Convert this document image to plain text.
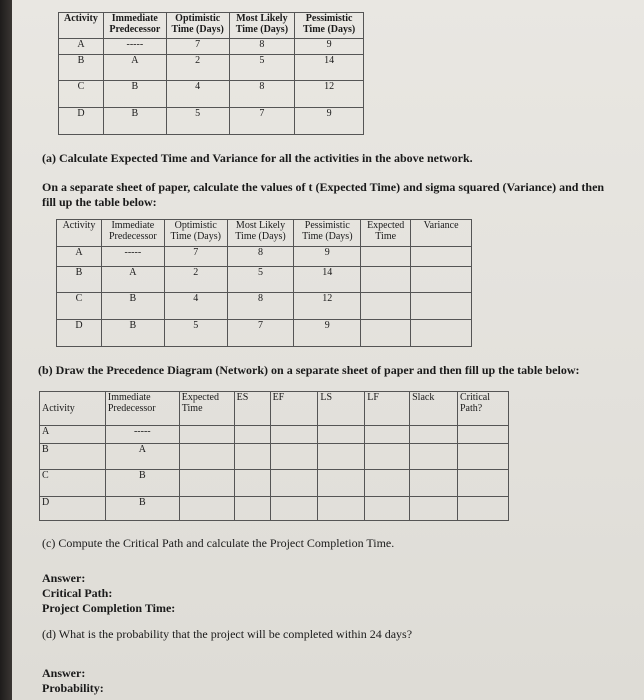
Activity	Immediate Predecessor	Optimistic Time (Days)	Most Likely Time (Days)	Pessimistic Time (Days)
A	-----	7	8	9
B	A	2	5	14
C	B	4	8	12
D	B	5	7	9
(a) Calculate Expected Time and Variance for all the activities in the above network.
On a separate sheet of paper, calculate the values of t (Expected Time) and sigma squared (Variance) and then
fill up the table below:
Activity	Immediate Predecessor	Optimistic Time (Days)	Most Likely Time (Days)	Pessimistic Time (Days)	Expected Time	Variance
A	-----	7	8	9		
B	A	2	5	14		
C	B	4	8	12		
D	B	5	7	9		
(b) Draw the Precedence Diagram (Network) on a separate sheet of paper and then fill up the table below:
Activity	Immediate Predecessor	Expected Time	ES	EF	LS	LF	Slack	Critical Path?
A	-----							
B	A							
C	B							
D	B							
(c) Compute the Critical Path and calculate the Project Completion Time.
Answer:
Critical Path:
Project Completion Time:
(d) What is the probability that the project will be completed within 24 days?
Answer:
Probability:
